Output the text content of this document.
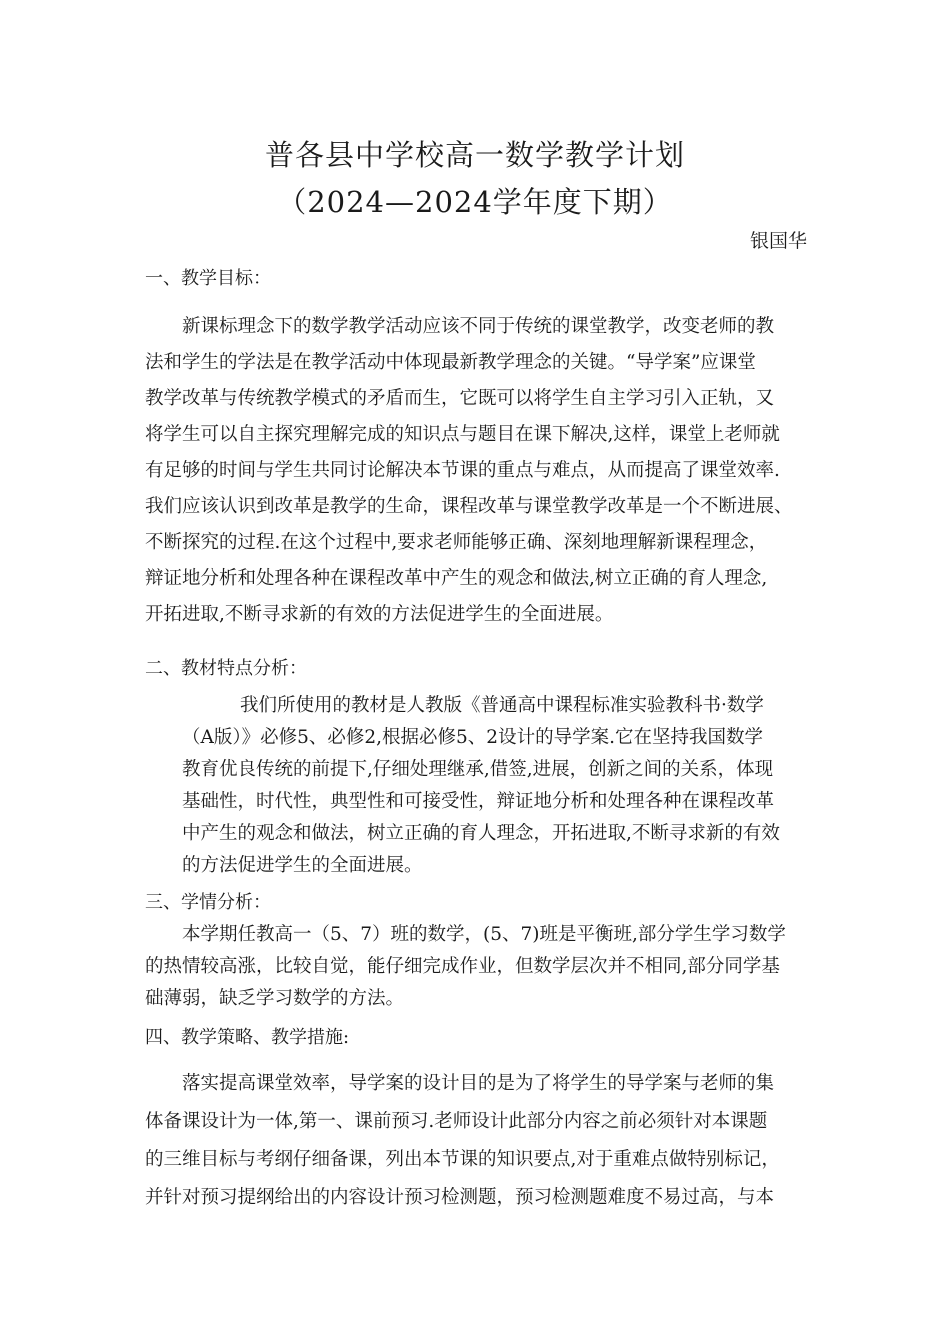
普各县中学校高一数学教学计划
（2024—2024学年度下期）
银国华
一、教学目标：
新课标理念下的数学教学活动应该不同于传统的课堂教学，改变老师的教
法和学生的学法是在教学活动中体现最新教学理念的关键。“导学案”应课堂
教学改革与传统教学模式的矛盾而生，它既可以将学生自主学习引入正轨，又
将学生可以自主探究理解完成的知识点与题目在课下解决,这样，课堂上老师就
有足够的时间与学生共同讨论解决本节课的重点与难点，从而提高了课堂效率.
我们应该认识到改革是教学的生命，课程改革与课堂教学改革是一个不断进展、
不断探究的过程.在这个过程中,要求老师能够正确、深刻地理解新课程理念，
辩证地分析和处理各种在课程改革中产生的观念和做法,树立正确的育人理念,
开拓进取,不断寻求新的有效的方法促进学生的全面进展。
二、教材特点分析：
我们所使用的教材是人教版《普通高中课程标准实验教科书·数学
（A版）》必修5、必修2,根据必修5、2设计的导学案.它在坚持我国数学
教育优良传统的前提下,仔细处理继承,借签,进展，创新之间的关系，体现
基础性，时代性，典型性和可接受性，辩证地分析和处理各种在课程改革
中产生的观念和做法，树立正确的育人理念，开拓进取,不断寻求新的有效
的方法促进学生的全面进展。
三、学情分析：
本学期任教高一（5、7）班的数学，(5、7)班是平衡班,部分学生学习数学
的热情较高涨，比较自觉，能仔细完成作业，但数学层次并不相同,部分同学基
础薄弱，缺乏学习数学的方法。
四、教学策略、教学措施:
落实提高课堂效率，导学案的设计目的是为了将学生的导学案与老师的集
体备课设计为一体,第一、课前预习.老师设计此部分内容之前必须针对本课题
的三维目标与考纲仔细备课，列出本节课的知识要点,对于重难点做特别标记，
并针对预习提纲给出的内容设计预习检测题，预习检测题难度不易过高，与本
